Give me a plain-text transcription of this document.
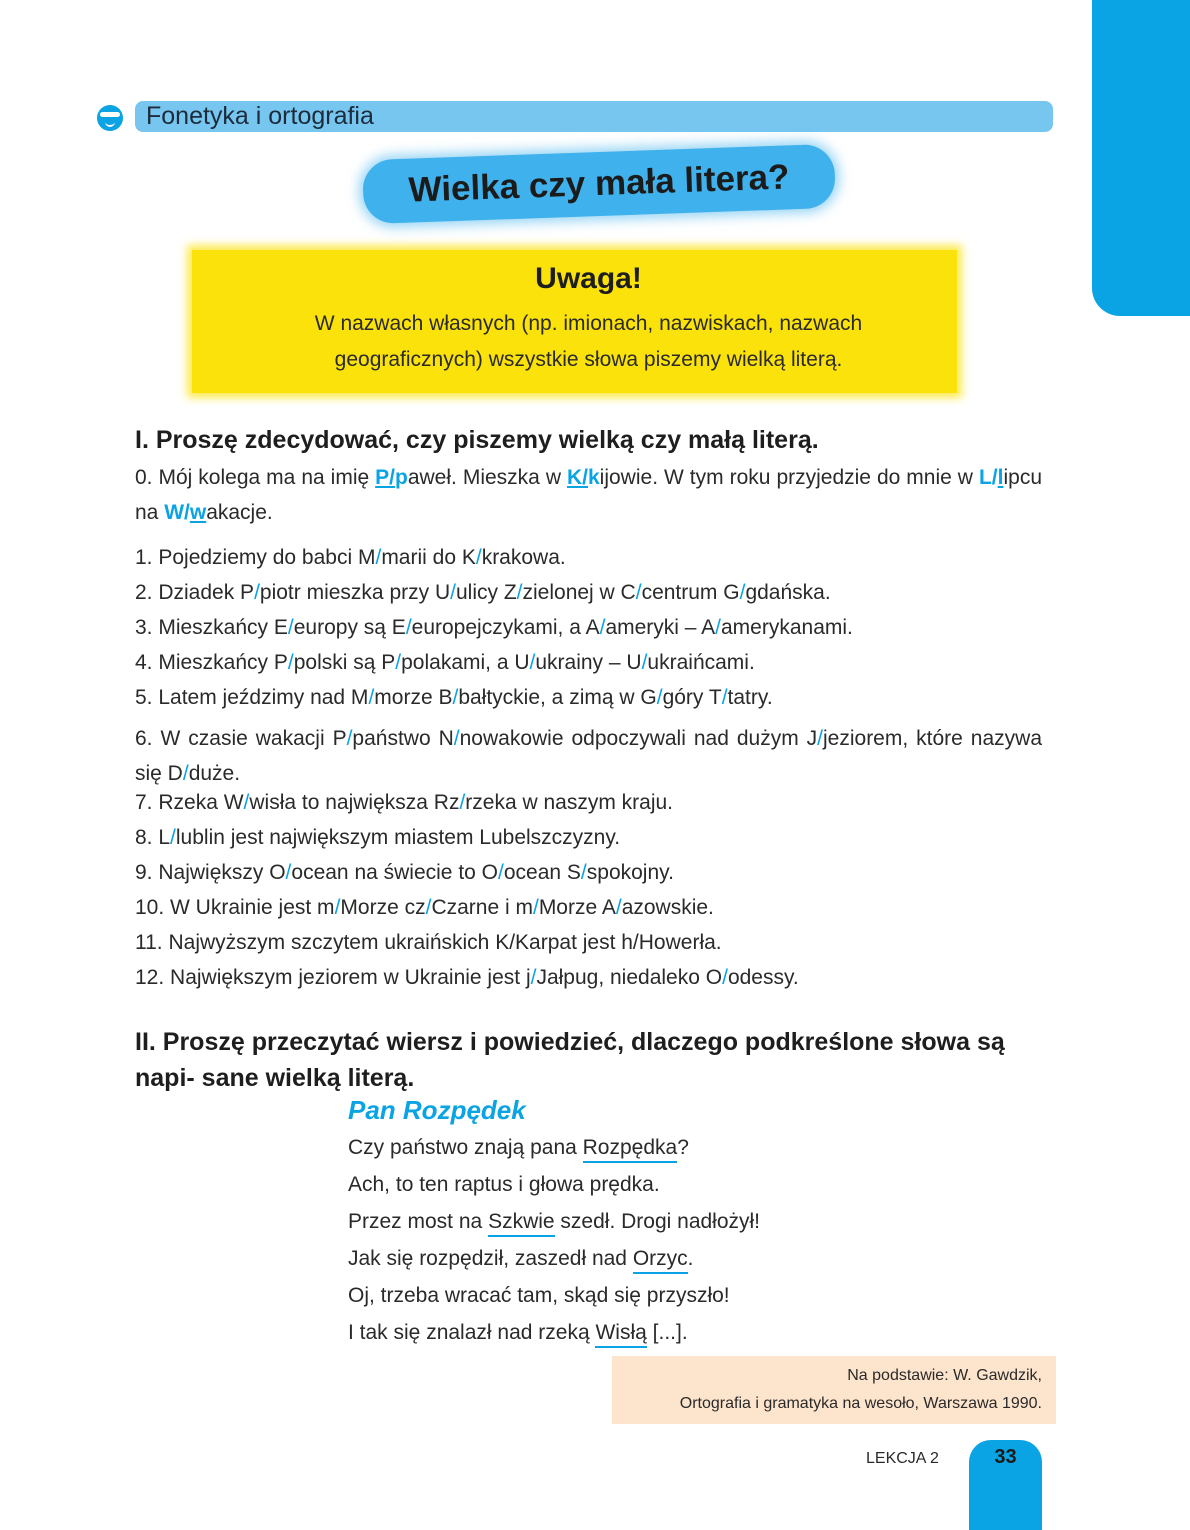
Fonetyka i ortografia
Wielka czy mała litera?
Uwaga!
W nazwach własnych (np. imionach, nazwiskach, nazwach
geograficznych) wszystkie słowa piszemy wielką literą.
I. Proszę zdecydować, czy piszemy wielką czy małą literą.
0. Mój kolega ma na imię P/paweł. Mieszka w K/kijowie. W tym roku przyjedzie do mnie w L/lipcu na W/wakacje.
1. Pojedziemy do babci M/marii do K/krakowa.
2. Dziadek P/piotr mieszka przy U/ulicy Z/zielonej w C/centrum G/gdańska.
3. Mieszkańcy E/europy są E/europejczykami, a A/ameryki – A/amerykanami.
4. Mieszkańcy P/polski są P/polakami, a U/ukrainy – U/ukraińcami.
5. Latem jeździmy nad M/morze B/bałtyckie, a zimą w G/góry T/tatry.
6. W czasie wakacji P/państwo N/nowakowie odpoczywali nad dużym J/jeziorem, które nazywa się D/duże.
7. Rzeka W/wisła to największa Rz/rzeka w naszym kraju.
8. L/lublin jest największym miastem Lubelszczyzny.
9. Największy O/ocean na świecie to O/ocean S/spokojny.
10. W Ukrainie jest m/Morze cz/Czarne i m/Morze A/azowskie.
11. Najwyższym szczytem ukraińskich K/Karpat jest h/Howerła.
12. Największym jeziorem w Ukrainie jest j/Jałpug, niedaleko O/odessy.
II. Proszę przeczytać wiersz i powiedzieć, dlaczego podkreślone słowa są napi- sane wielką literą.
Pan Rozpędek
Czy państwo znają pana Rozpędka?
Ach, to ten raptus i głowa prędka.
Przez most na Szkwie szedł. Drogi nadłożył!
Jak się rozpędził, zaszedł nad Orzyc.
Oj, trzeba wracać tam, skąd się przyszło!
I tak się znalazł nad rzeką Wisłą [...].
Na podstawie: W. Gawdzik,
Ortografia i gramatyka na wesoło, Warszawa 1990.
LEKCJA 2	33
